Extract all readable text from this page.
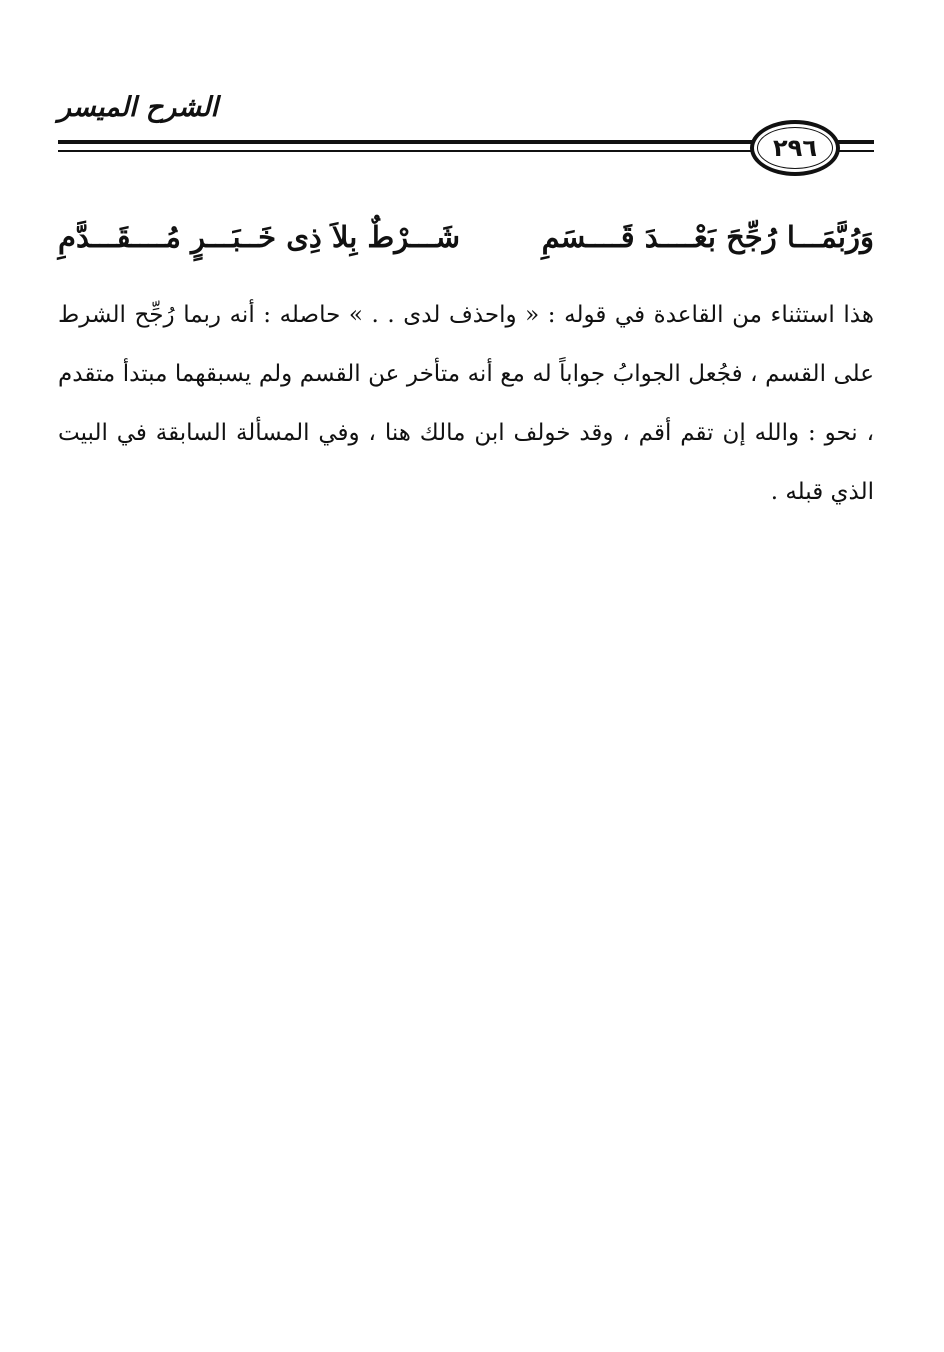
الشرح الميسر
٢٩٦
وَرُبَّمَـــا رُجِّحَ بَعْــــدَ قَــــسَمِ
شَـــرْطٌ بِلاَ ذِى خَــبَـــرٍ مُــــقَـــدَّمِ

هذا استثناء من القاعدة في قوله : « واحذف لدى . . » حاصله : أنه ربما رُجِّح الشرط على القسم ، فجُعل الجوابُ جواباً له مع أنه متأخر عن القسم ولم يسبقهما مبتدأ متقدم ، نحو : والله إن تقم أقم ، وقد خولف ابن مالك هنا ، وفي المسألة السابقة في البيت الذي قبله .
